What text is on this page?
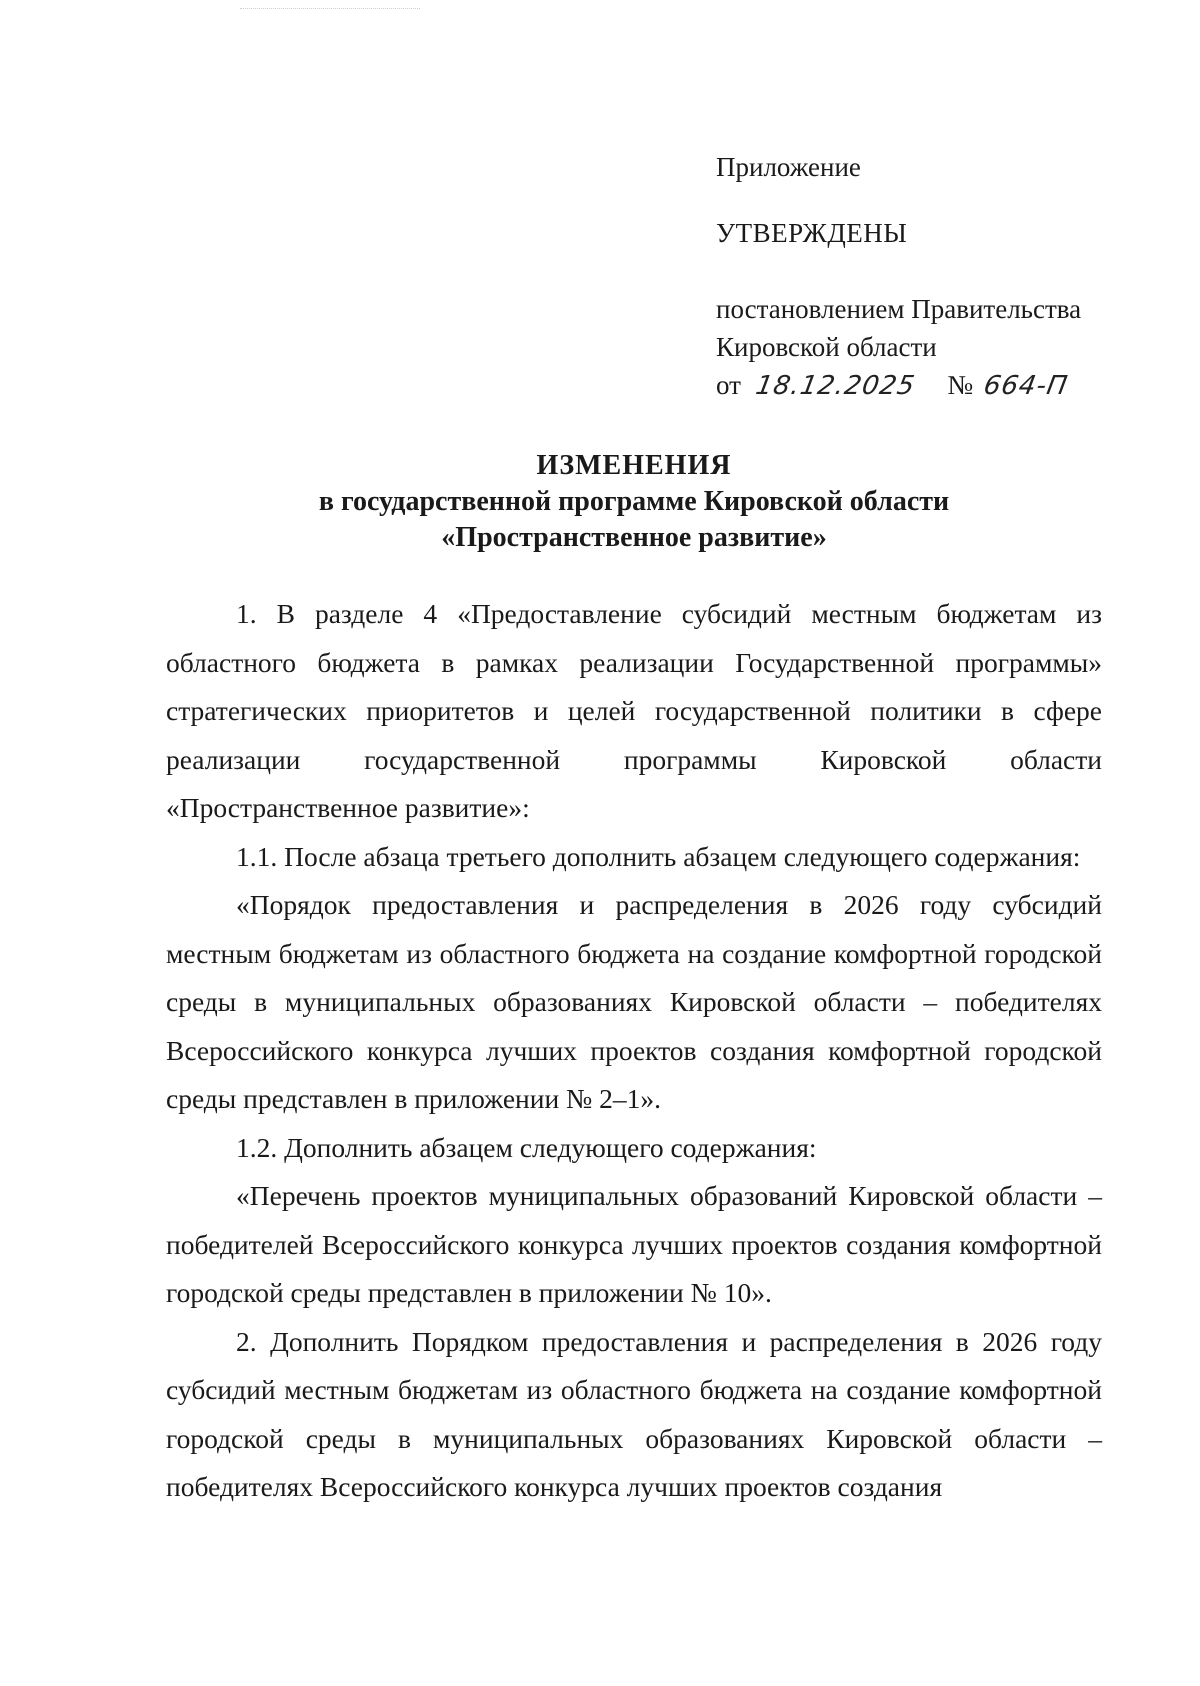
Приложение

УТВЕРЖДЕНЫ

постановлением Правительства
Кировской области
от 18.12.2025 № 664-П
ИЗМЕНЕНИЯ
в государственной программе Кировской области
«Пространственное развитие»

1. В разделе 4 «Предоставление субсидий местным бюджетам из областного бюджета в рамках реализации Государственной программы» стратегических приоритетов и целей государственной политики в сфере реализации государственной программы Кировской области «Пространственное развитие»:

1.1. После абзаца третьего дополнить абзацем следующего содержания:

«Порядок предоставления и распределения в 2026 году субсидий местным бюджетам из областного бюджета на создание комфортной городской среды в муниципальных образованиях Кировской области – победителях Всероссийского конкурса лучших проектов создания комфортной городской среды представлен в приложении № 2–1».

1.2. Дополнить абзацем следующего содержания:

«Перечень проектов муниципальных образований Кировской области – победителей Всероссийского конкурса лучших проектов создания комфортной городской среды представлен в приложении № 10».

2. Дополнить Порядком предоставления и распределения в 2026 году субсидий местным бюджетам из областного бюджета на создание комфортной городской среды в муниципальных образованиях Кировской области – победителях Всероссийского конкурса лучших проектов создания
